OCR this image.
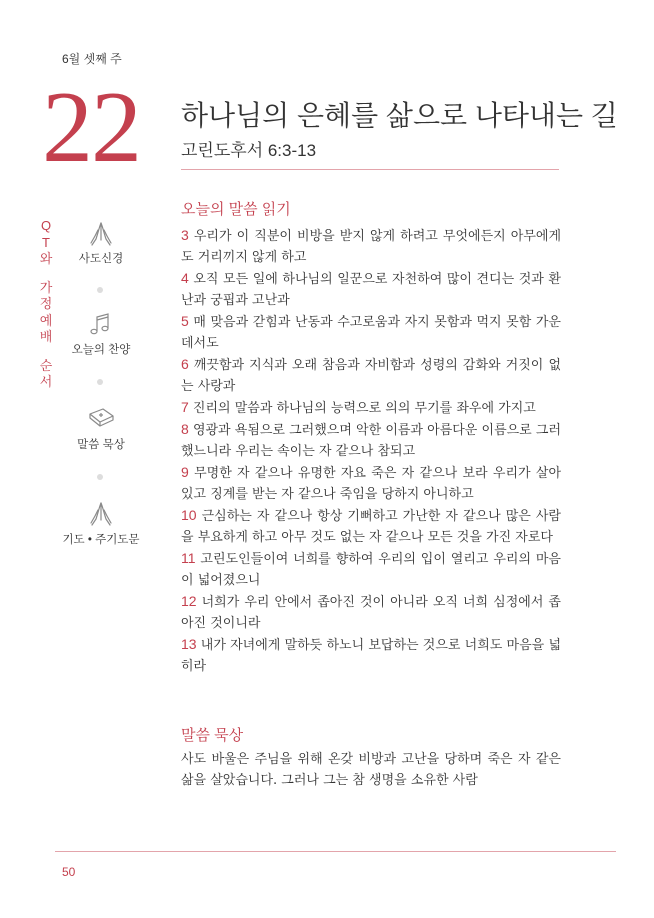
6월 셋째 주
22 하나님의 은혜를 삶으로 나타내는 길
고린도후서 6:3-13
Q
T
와
가
정
예
배
순
서
사도신경
오늘의 찬양
말씀 묵상
기도 • 주기도문
오늘의 말씀 읽기

3 우리가 이 직분이 비방을 받지 않게 하려고 무엇에든지 아무에게도 거리끼지 않게 하고

4 오직 모든 일에 하나님의 일꾼으로 자천하여 많이 견디는 것과 환난과 궁핍과 고난과

5 매 맞음과 갇힘과 난동과 수고로움과 자지 못함과 먹지 못함 가운데서도

6 깨끗함과 지식과 오래 참음과 자비함과 성령의 감화와 거짓이 없는 사랑과

7 진리의 말씀과 하나님의 능력으로 의의 무기를 좌우에 가지고

8 영광과 욕됨으로 그러했으며 악한 이름과 아름다운 이름으로 그러했느니라 우리는 속이는 자 같으나 참되고

9 무명한 자 같으나 유명한 자요 죽은 자 같으나 보라 우리가 살아 있고 징계를 받는 자 같으나 죽임을 당하지 아니하고

10 근심하는 자 같으나 항상 기뻐하고 가난한 자 같으나 많은 사람을 부요하게 하고 아무 것도 없는 자 같으나 모든 것을 가진 자로다

11 고린도인들이여 너희를 향하여 우리의 입이 열리고 우리의 마음이 넓어졌으니

12 너희가 우리 안에서 좁아진 것이 아니라 오직 너희 심정에서 좁아진 것이니라

13 내가 자녀에게 말하듯 하노니 보답하는 것으로 너희도 마음을 넓히라

말씀 묵상
사도 바울은 주님을 위해 온갖 비방과 고난을 당하며 죽은 자 같은 삶을 살았습니다. 그러나 그는 참 생명을 소유한 사람
50
